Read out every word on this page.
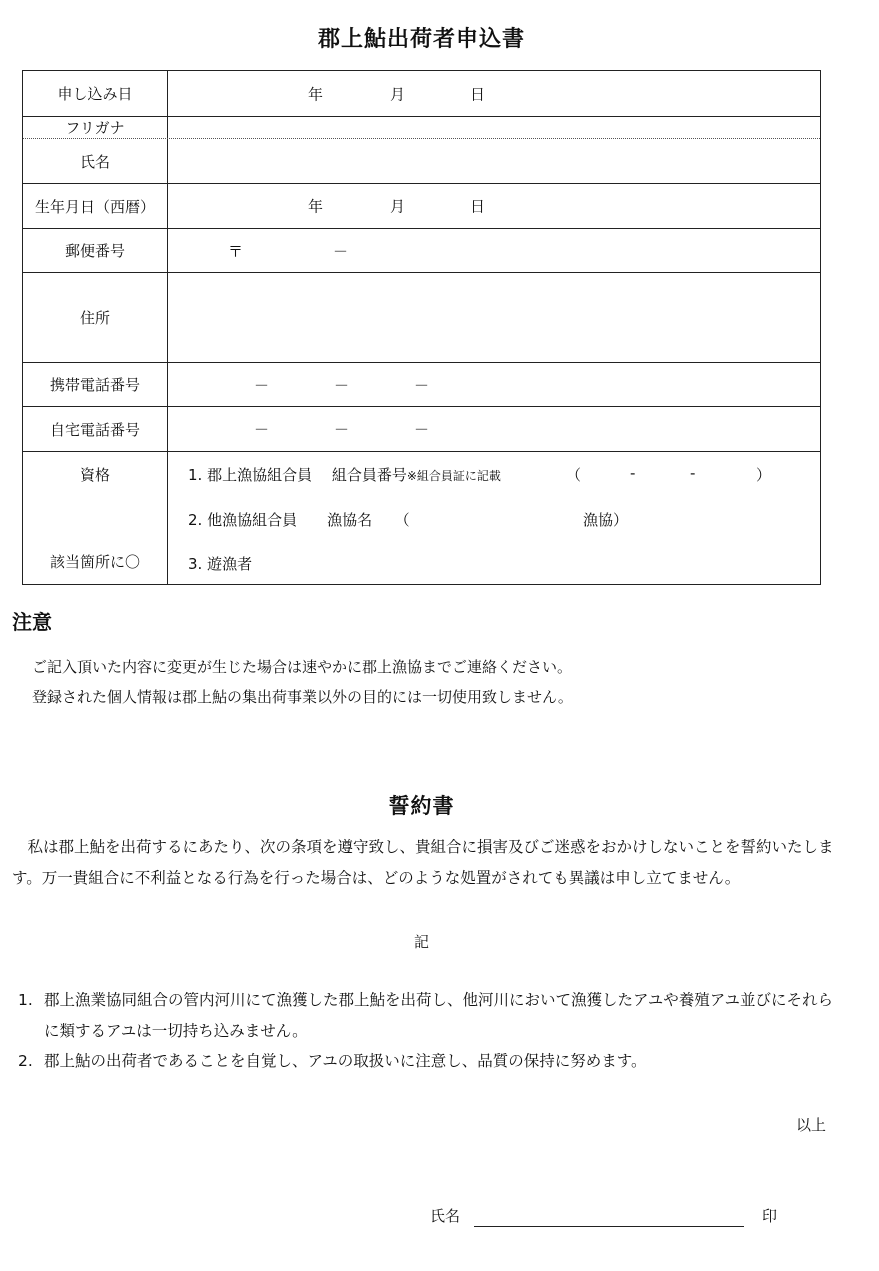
郡上鮎出荷者申込書
申し込み日	年	月	日
フリガナ
氏名
生年月日（西暦）	年	月	日
郵便番号	〒	－
住所
携帯電話番号	－	－	－
自宅電話番号	－	－	－
資格
該当箇所に〇
1. 郡上漁協組合員　 組合員番号※組合員証に記載	（	-	-	）
2. 他漁協組合員　　漁協名　　（	漁協）
3. 遊漁者
注意
ご記入頂いた内容に変更が生じた場合は速やかに郡上漁協までご連絡ください。
登録された個人情報は郡上鮎の集出荷事業以外の目的には一切使用致しません。
誓約書
私は郡上鮎を出荷するにあたり、次の条項を遵守致し、貴組合に損害及びご迷惑をおかけしないことを誓約いたします。万一貴組合に不利益となる行為を行った場合は、どのような処置がされても異議は申し立てません。
記
1. 郡上漁業協同組合の管内河川にて漁獲した郡上鮎を出荷し、他河川において漁獲したアユや養殖アユ並びにそれらに類するアユは一切持ち込みません。
2. 郡上鮎の出荷者であることを自覚し、アユの取扱いに注意し、品質の保持に努めます。
以上
氏名	印
